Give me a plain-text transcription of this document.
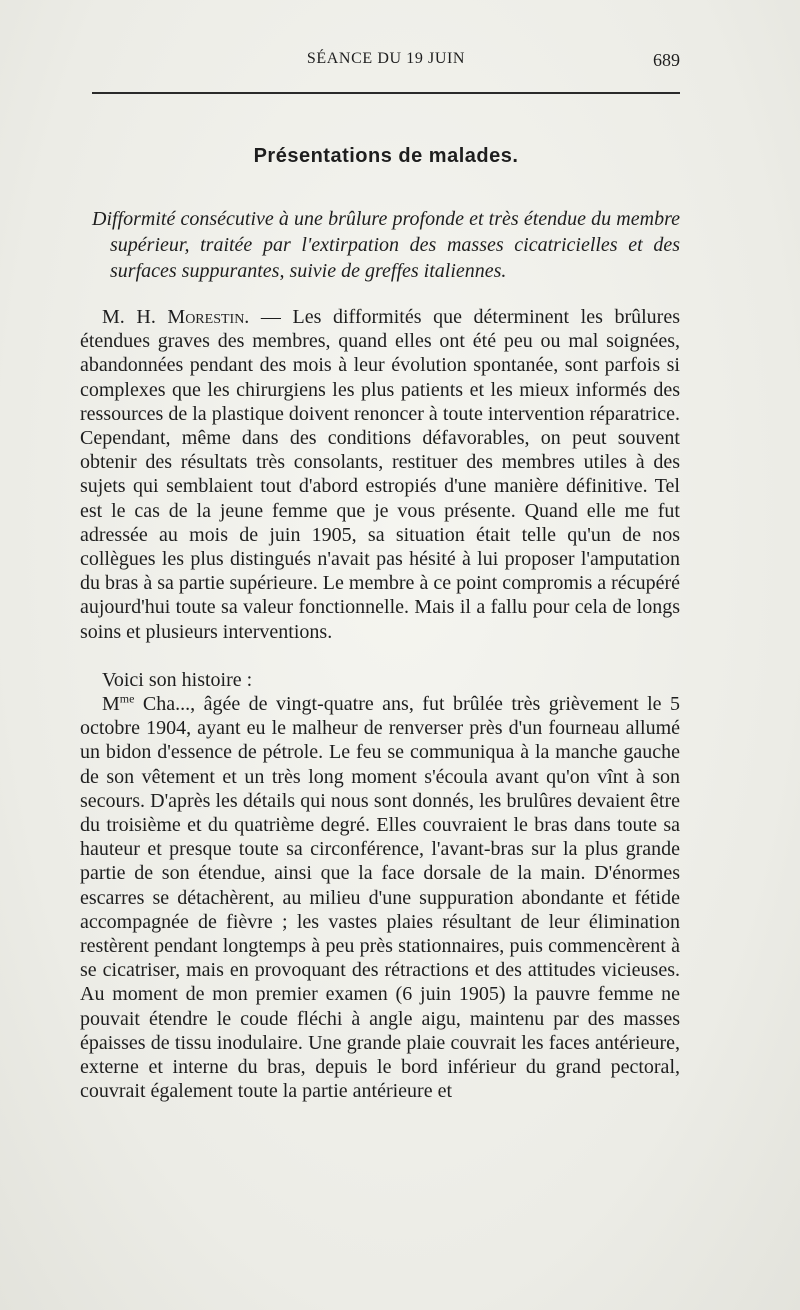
SÉANCE DU 19 JUIN	689
Présentations de malades.
Difformité consécutive à une brûlure profonde et très étendue du membre supérieur, traitée par l'extirpation des masses cicatricielles et des surfaces suppurantes, suivie de greffes italiennes.

M. H. Morestin. — Les difformités que déterminent les brûlures étendues graves des membres, quand elles ont été peu ou mal soignées, abandonnées pendant des mois à leur évolution spontanée, sont parfois si complexes que les chirurgiens les plus patients et les mieux informés des ressources de la plastique doivent renoncer à toute intervention réparatrice. Cependant, même dans des conditions défavorables, on peut souvent obtenir des résultats très consolants, restituer des membres utiles à des sujets qui semblaient tout d'abord estropiés d'une manière définitive. Tel est le cas de la jeune femme que je vous présente. Quand elle me fut adressée au mois de juin 1905, sa situation était telle qu'un de nos collègues les plus distingués n'avait pas hésité à lui proposer l'amputation du bras à sa partie supérieure. Le membre à ce point compromis a récupéré aujourd'hui toute sa valeur fonctionnelle. Mais il a fallu pour cela de longs soins et plusieurs interventions.

Voici son histoire :

$M^{me}$ Cha..., âgée de vingt-quatre ans, fut brûlée très grièvement le 5 octobre 1904, ayant eu le malheur de renverser près d'un fourneau allumé un bidon d'essence de pétrole. Le feu se communiqua à la manche gauche de son vêtement et un très long moment s'écoula avant qu'on vînt à son secours. D'après les détails qui nous sont donnés, les brulûres devaient être du troisième et du quatrième degré. Elles couvraient le bras dans toute sa hauteur et presque toute sa circonférence, l'avant-bras sur la plus grande partie de son étendue, ainsi que la face dorsale de la main. D'énormes escarres se détachèrent, au milieu d'une suppuration abondante et fétide accompagnée de fièvre ; les vastes plaies résultant de leur élimination restèrent pendant longtemps à peu près stationnaires, puis commencèrent à se cicatriser, mais en provoquant des rétractions et des attitudes vicieuses. Au moment de mon premier examen (6 juin 1905) la pauvre femme ne pouvait étendre le coude fléchi à angle aigu, maintenu par des masses épaisses de tissu inodulaire. Une grande plaie couvrait les faces antérieure, externe et interne du bras, depuis le bord inférieur du grand pectoral, couvrait également toute la partie antérieure et
